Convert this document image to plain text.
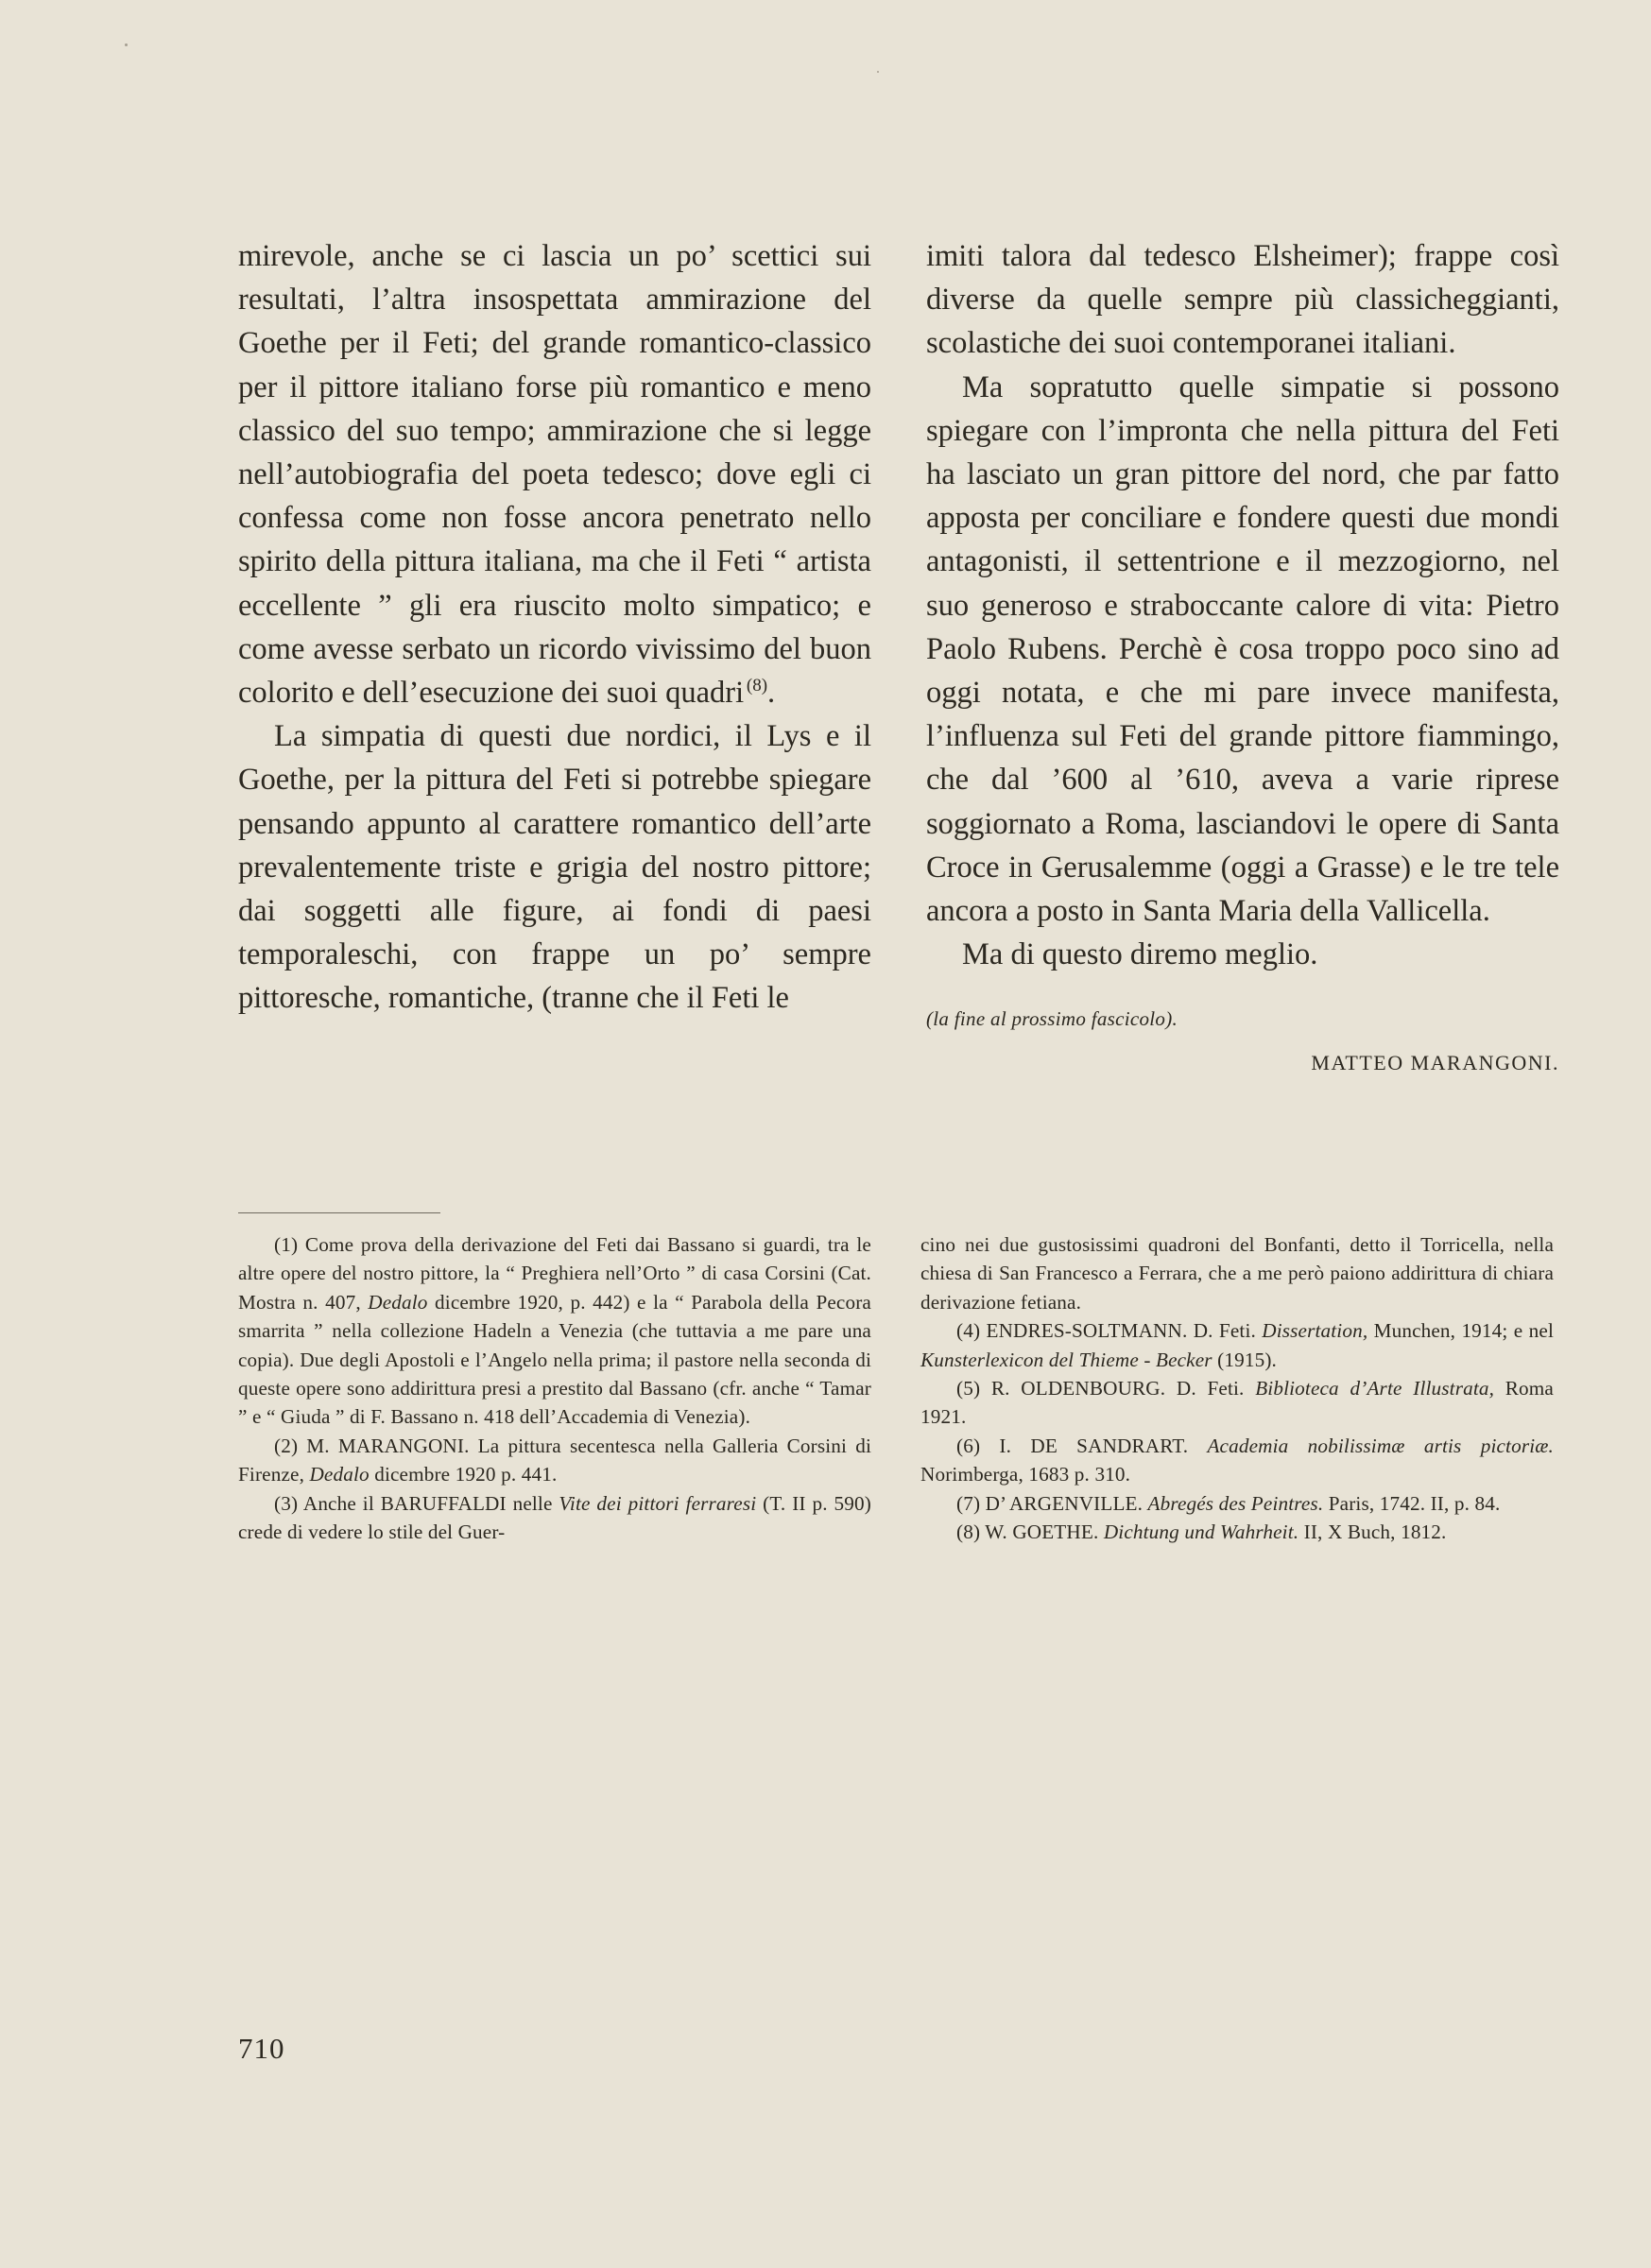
mirevole, anche se ci lascia un po’ scettici sui resultati, l’altra insospettata ammirazione del Goethe per il Feti; del grande romantico-classico per il pittore italiano forse più romantico e meno classico del suo tempo; ammirazione che si legge nell’autobiografia del poeta tedesco; dove egli ci confessa come non fosse ancora penetrato nello spirito della pittura italiana, ma che il Feti “ artista eccellente ” gli era riuscito molto simpatico; e come avesse serbato un ricordo vivissimo del buon colorito e dell’esecuzione dei suoi quadri  $^{(8)}$.

La simpatia di questi due nordici, il Lys e il Goethe, per la pittura del Feti si potrebbe spiegare pensando appunto al carattere romantico dell’arte prevalentemente triste e grigia del nostro pittore; dai soggetti alle figure, ai fondi di paesi temporaleschi, con frappe un po’ sempre pittoresche, romantiche, (tranne che il Feti le

imiti talora dal tedesco Elsheimer); frappe così diverse da quelle sempre più classicheggianti, scolastiche dei suoi contemporanei italiani.

Ma sopratutto quelle simpatie si possono spiegare con l’impronta che nella pittura del Feti ha lasciato un gran pittore del nord, che par fatto apposta per conciliare e fondere questi due mondi antagonisti, il settentrione e il mezzogiorno, nel suo generoso e straboccante calore di vita: Pietro Paolo Rubens. Perchè è cosa troppo poco sino ad oggi notata, e che mi pare invece manifesta, l’influenza sul Feti del grande pittore fiammingo, che dal ’600 al ’610, aveva a varie riprese soggiornato a Roma, lasciandovi le opere di Santa Croce in Gerusalemme (oggi a Grasse) e le tre tele ancora a posto in Santa Maria della Vallicella.

Ma di questo diremo meglio.

(la fine al prossimo fascicolo).

MATTEO MARANGONI.

(1) Come prova della derivazione del Feti dai Bassano si guardi, tra le altre opere del nostro pittore, la “ Preghiera nell’Orto ” di casa Corsini (Cat. Mostra n. 407, Dedalo dicembre 1920, p. 442) e la “ Parabola della Pecora smarrita ” nella collezione Hadeln a Venezia (che tuttavia a me pare una copia). Due degli Apostoli e l’Angelo nella prima; il pastore nella seconda di queste opere sono addirittura presi a prestito dal Bassano (cfr. anche “ Tamar ” e “ Giuda ” di F. Bassano n. 418 dell’Accademia di Venezia).

(2) M. MARANGONI. La pittura secentesca nella Galleria Corsini di Firenze, Dedalo dicembre 1920 p. 441.

(3) Anche il BARUFFALDI nelle Vite dei pittori ferraresi (T. II p. 590) crede di vedere lo stile del Guer-

cino nei due gustosissimi quadroni del Bonfanti, detto il Torricella, nella chiesa di San Francesco a Ferrara, che a me però paiono addirittura di chiara derivazione fetiana.

(4) ENDRES-SOLTMANN. D. Feti. Dissertation, Munchen, 1914; e nel Kunsterlexicon del Thieme - Becker (1915).

(5) R. OLDENBOURG. D. Feti. Biblioteca d’Arte Illustrata, Roma 1921.

(6) I. DE SANDRART. Academia nobilissimæ artis pictoriæ. Norimberga, 1683 p. 310.

(7) D’ ARGENVILLE. Abregés des Peintres. Paris, 1742. II, p. 84.

(8) W. GOETHE. Dichtung und Wahrheit. II, X Buch, 1812.

710
